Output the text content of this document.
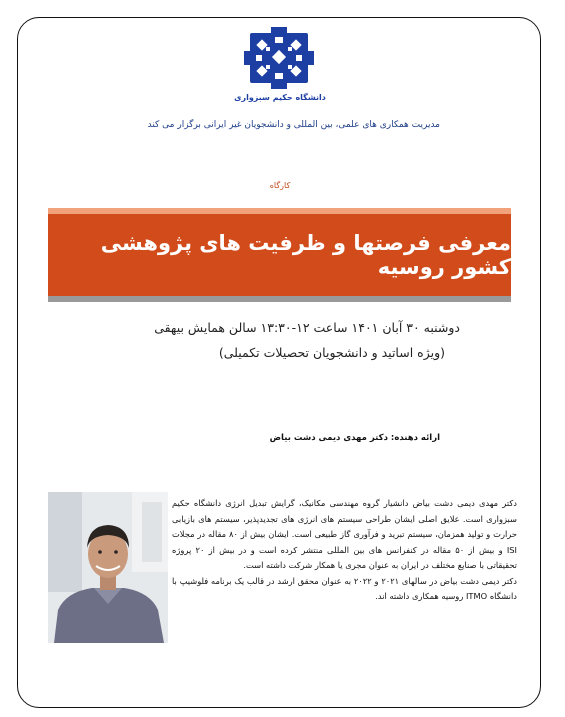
دانشگاه حکیم سبزواری
مدیریت همکاری های علمی، بین المللی و دانشجویان غیر ایرانی برگزار می کند
کارگاه
معرفی فرصتها و ظرفیت های پژوهشی کشور روسیه
دوشنبه ۳۰ آبان ۱۴۰۱ ساعت ۱۲-۱۳:۳۰ سالن همایش بیهقی
(ویژه اساتید و دانشجویان تحصیلات تکمیلی)
ارائه دهنده: دکتر مهدی دیمی دشت بیاض

دکتر مهدی دیمی دشت بیاض دانشیار گروه مهندسی مکانیک، گرایش تبدیل انرژی دانشگاه حکیم سبزواری است. علایق اصلی ایشان طراحی سیستم های انرژی های تجدیدپذیر، سیستم های بازیابی حرارت و تولید همزمان، سیستم تبرید و فرآوری گاز طبیعی است. ایشان بیش از ۸۰ مقاله در مجلات ISI و بیش از ۵۰ مقاله در کنفرانس های بین المللی منتشر کرده است و در بیش از ۲۰ پروژه تحقیقاتی با صنایع مختلف در ایران به عنوان مجری یا همکار شرکت داشته است.

دکتر دیمی دشت بیاض در سالهای ۲۰۲۱ و ۲۰۲۲ به عنوان محقق ارشد در قالب یک برنامه فلوشیپ با دانشگاه ITMO روسیه همکاری داشته اند.
